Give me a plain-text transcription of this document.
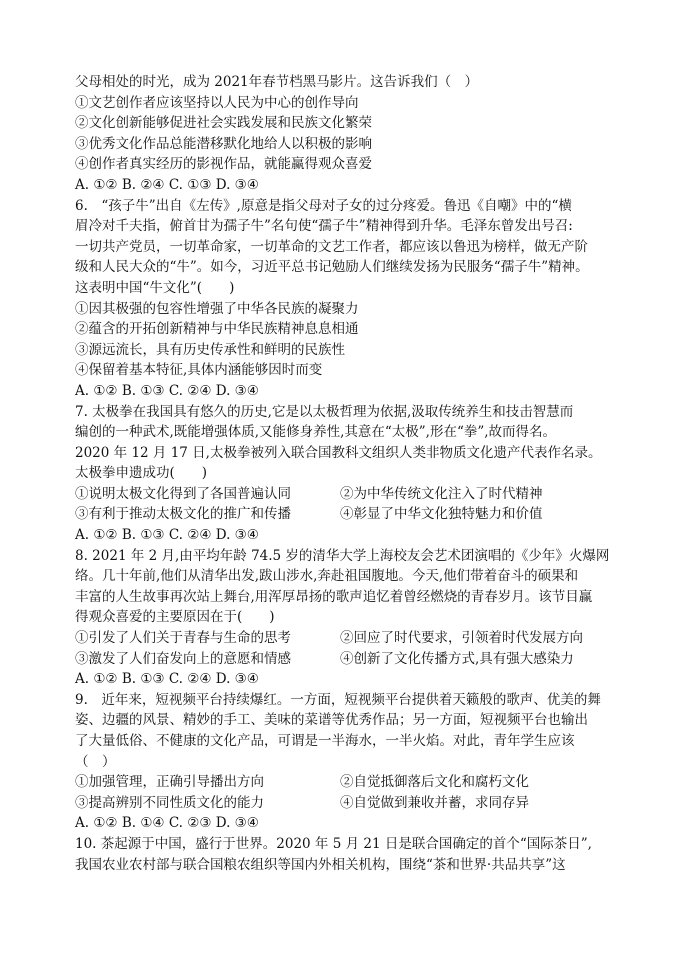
父母相处的时光，成为 2021年春节档黑马影片。这告诉我们（　）
①文艺创作者应该坚持以人民为中心的创作导向
②文化创新能够促进社会实践发展和民族文化繁荣
③优秀文化作品总能潜移默化地给人以积极的影响
④创作者真实经历的影视作品，就能赢得观众喜爱
A. ①② B. ②④ C. ①③ D. ③④
6.　“孩子牛”出自《左传》,原意是指父母对子女的过分疼爱。鲁迅《自嘲》中的“横
眉冷对千夫指，俯首甘为孺子牛”名句使“孺子牛”精神得到升华。毛泽东曾发出号召:
一切共产党员，一切革命家，一切革命的文艺工作者，都应该以鲁迅为榜样，做无产阶
级和人民大众的“牛”。如今，习近平总书记勉励人们继续发扬为民服务“孺子牛”精神。
这表明中国“牛文化”(　　)
①因其极强的包容性增强了中华各民族的凝聚力
②蕴含的开拓创新精神与中华民族精神息息相通
③源远流长，具有历史传承性和鲜明的民族性
④保留着基本特征,具体内涵能够因时而变
A. ①② B. ①③ C. ②④ D. ③④
7. 太极拳在我国具有悠久的历史,它是以太极哲理为依据,汲取传统养生和技击智慧而
编创的一种武术,既能增强体质,又能修身养性,其意在“太极”,形在“拳”,故而得名。
2020 年 12 月 17 日,太极拳被列入联合国教科文组织人类非物质文化遗产代表作名录。
太极拳申遗成功(　　)
①说明太极文化得到了各国普遍认同	②为中华传统文化注入了时代精神
③有利于推动太极文化的推广和传播	④彰显了中华文化独特魅力和价值
A. ①② B. ①③ C. ②④ D. ③④
8. 2021 年 2 月,由平均年龄 74.5 岁的清华大学上海校友会艺术团演唱的《少年》火爆网
络。几十年前,他们从清华出发,跋山涉水,奔赴祖国腹地。今天,他们带着奋斗的硕果和
丰富的人生故事再次站上舞台,用浑厚昂扬的歌声追忆着曾经燃烧的青春岁月。该节目赢
得观众喜爱的主要原因在于(　　)
①引发了人们关于青春与生命的思考	②回应了时代要求，引领着时代发展方向
③激发了人们奋发向上的意愿和情感	④创新了文化传播方式,具有强大感染力
A. ①② B. ①③ C. ②④ D. ③④
9.　近年来，短视频平台持续爆红。一方面，短视频平台提供着天籁般的歌声、优美的舞
姿、边疆的风景、精妙的手工、美味的菜谱等优秀作品；另一方面，短视频平台也输出
了大量低俗、不健康的文化产品，可谓是一半海水，一半火焰。对此，青年学生应该
（　）
①加强管理，正确引导播出方向	②自觉抵御落后文化和腐朽文化
③提高辨别不同性质文化的能力	④自觉做到兼收并蓄，求同存异
A. ①② B. ①④ C. ②③ D. ③④
10. 茶起源于中国，盛行于世界。2020 年 5 月 21 日是联合国确定的首个“国际茶日”,
我国农业农村部与联合国粮农组织等国内外相关机构，围绕“茶和世界·共品共享”这
